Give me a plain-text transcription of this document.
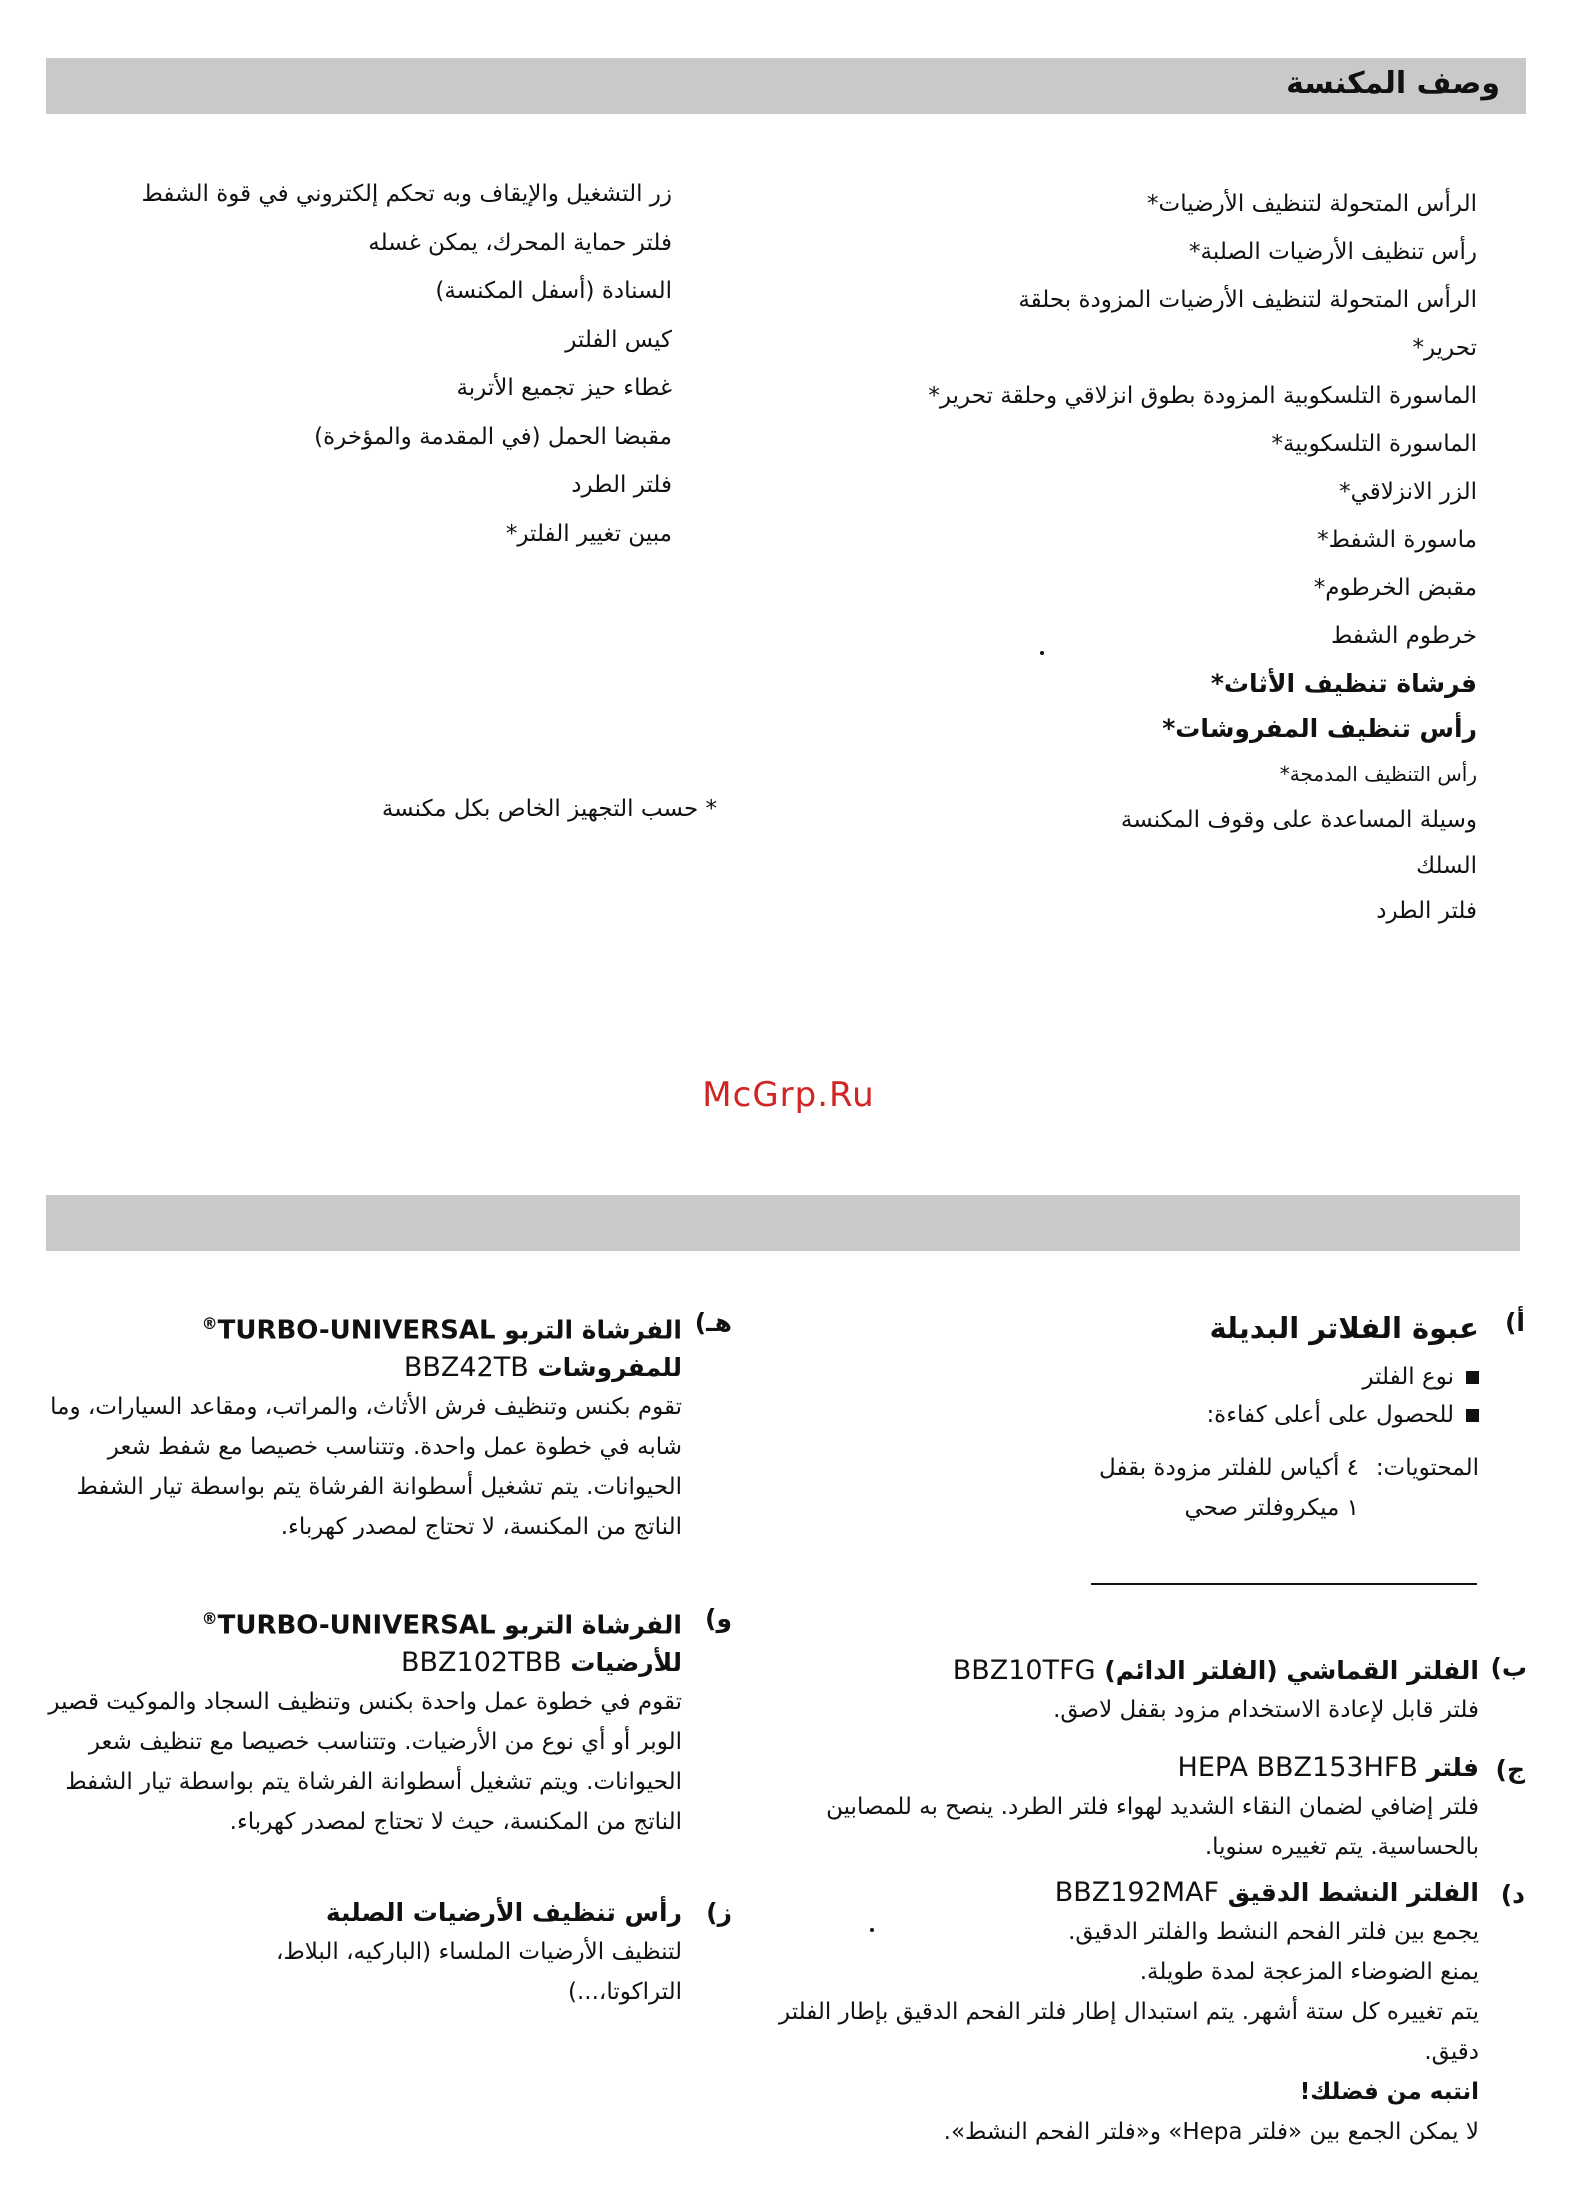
وصف المكنسة
الرأس المتحولة لتنظيف الأرضيات*
رأس تنظيف الأرضيات الصلبة*
الرأس المتحولة لتنظيف الأرضيات المزودة بحلقة
تحرير*
الماسورة التلسكوبية المزودة بطوق انزلاقي وحلقة تحرير*
الماسورة التلسكوبية*
الزر الانزلاقي*
ماسورة الشفط*
مقبض الخرطوم*
خرطوم الشفط
فرشاة تنظيف الأثاث*
رأس تنظيف المفروشات*
رأس التنظيف المدمجة*
وسيلة المساعدة على وقوف المكنسة
السلك
فلتر الطرد
زر التشغيل والإيقاف وبه تحكم إلكتروني في قوة الشفط
فلتر حماية المحرك، يمكن غسله
السنادة (أسفل المكنسة)
كيس الفلتر
غطاء حيز تجميع الأتربة
مقبضا الحمل (في المقدمة والمؤخرة)
فلتر الطرد
مبين تغيير الفلتر*
* حسب التجهيز الخاص بكل مكنسة
McGrp.Ru
أ)
عبوة الفلاتر البديلة
نوع الفلتر
للحصول على أعلى كفاءة:
المحتويات:
٤ أكياس للفلتر مزودة بقفل
١ ميكروفلتر صحي
ب)
الفلتر القماشي (الفلتر الدائم) BBZ10TFG
فلتر قابل لإعادة الاستخدام مزود بقفل لاصق.
ج)
فلتر HEPA BBZ153HFB
فلتر إضافي لضمان النقاء الشديد لهواء فلتر الطرد. ينصح به للمصابين بالحساسية. يتم تغييره سنويا.
د)
الفلتر النشط الدقيق BBZ192MAF
يجمع بين فلتر الفحم النشط والفلتر الدقيق.
يمنع الضوضاء المزعجة لمدة طويلة.
يتم تغييره كل ستة أشهر. يتم استبدال إطار فلتر الفحم الدقيق بإطار الفلتر دقيق.
انتبه من فضلك!
لا يمكن الجمع بين «فلتر Hepa» و«فلتر الفحم النشط».
هـ)
الفرشاة التربو TURBO-UNIVERSAL®
للمفروشات BBZ42TB
تقوم بكنس وتنظيف فرش الأثاث، والمراتب، ومقاعد السيارات، وما شابه في خطوة عمل واحدة. وتتناسب خصيصا مع شفط شعر الحيوانات. يتم تشغيل أسطوانة الفرشاة يتم بواسطة تيار الشفط الناتج من المكنسة، لا تحتاج لمصدر كهرباء.
و)
الفرشاة التربو TURBO-UNIVERSAL®
للأرضيات BBZ102TBB
تقوم في خطوة عمل واحدة بكنس وتنظيف السجاد والموكيت قصير الوبر أو أي نوع من الأرضيات. وتتناسب خصيصا مع تنظيف شعر الحيوانات. ويتم تشغيل أسطوانة الفرشاة يتم بواسطة تيار الشفط الناتج من المكنسة، حيث لا تحتاج لمصدر كهرباء.
ز)
رأس تنظيف الأرضيات الصلبة
لتنظيف الأرضيات الملساء (الباركيه، البلاط، التراكوتا،...)
